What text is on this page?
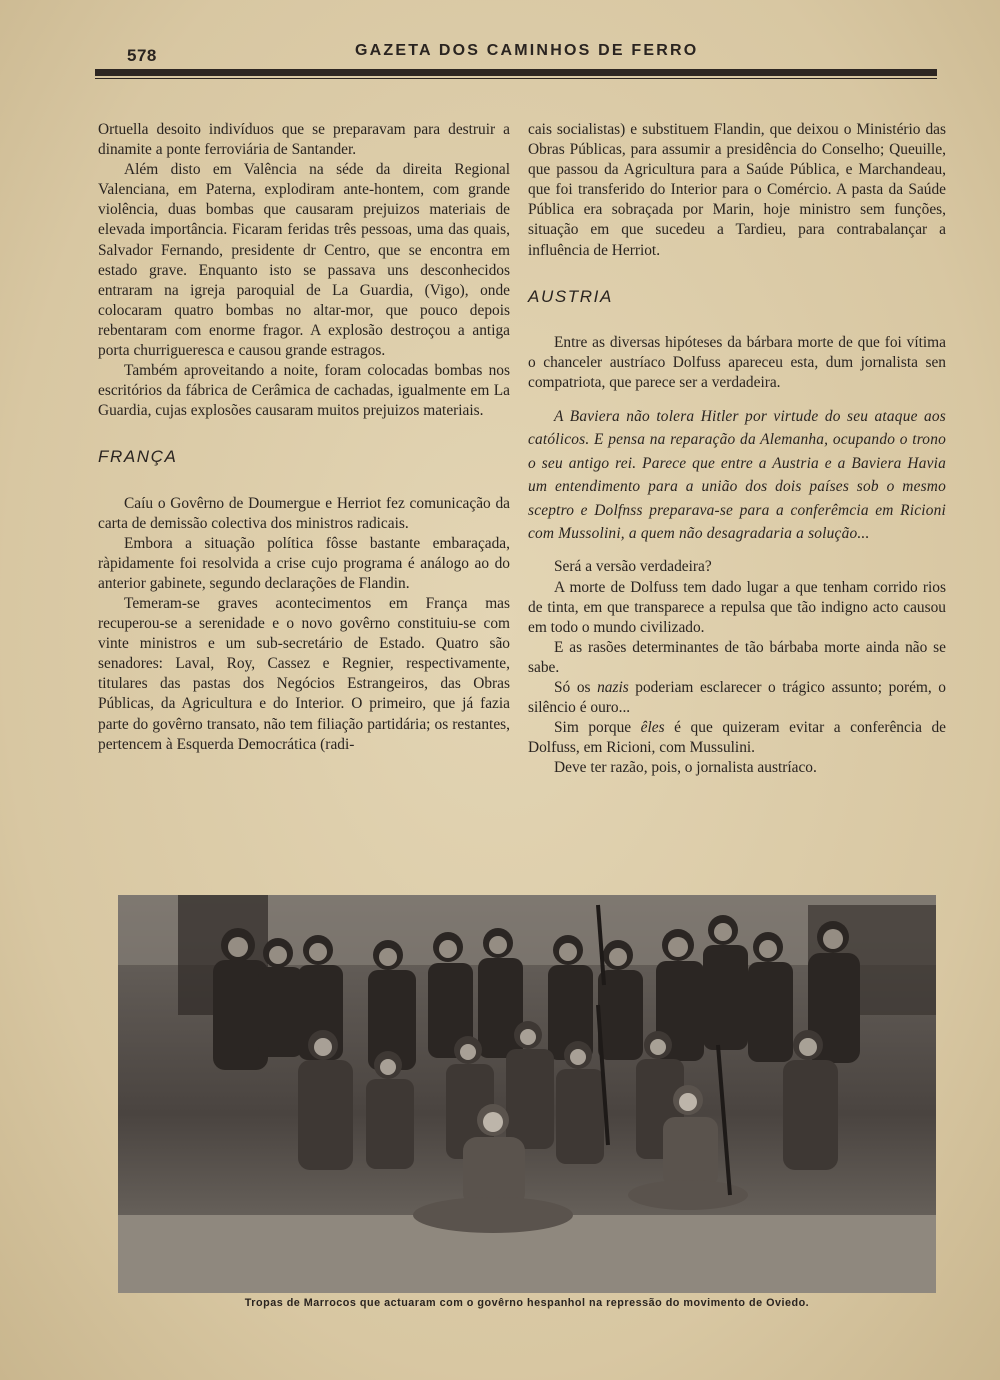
578	GAZETA DOS CAMINHOS DE FERRO

Ortuella desoito indivíduos que se preparavam para destruir a dinamite a ponte ferroviária de Santander.

Além disto em Valência na séde da direita Regional Valenciana, em Paterna, explodiram ante-hontem, com grande violência, duas bombas que causaram prejuizos materiais de elevada importância. Ficaram feridas três pessoas, uma das quais, Salvador Fernando, presidente dr Centro, que se encontra em estado grave. Enquanto isto se passava uns desconhecidos entraram na igreja paroquial de La Guardia, (Vigo), onde colocaram quatro bombas no altar-mor, que pouco depois rebentaram com enorme fragor. A explosão destroçou a antiga porta churrigueresca e causou grande estragos.

Também aproveitando a noite, foram colocadas bombas nos escritórios da fábrica de Cerâmica de cachadas, igualmente em La Guardia, cujas explosões causaram muitos prejuizos materiais.

FRANÇA

Caíu o Govêrno de Doumergue e Herriot fez comunicação da carta de demissão colectiva dos ministros radicais.

Embora a situação política fôsse bastante embaraçada, ràpidamente foi resolvida a crise cujo programa é análogo ao do anterior gabinete, segundo declarações de Flandin.

Temeram-se graves acontecimentos em França mas recuperou-se a serenidade e o novo govêrno constituiu-se com vinte ministros e um sub-secretário de Estado. Quatro são senadores: Laval, Roy, Cassez e Regnier, respectivamente, titulares das pastas dos Negócios Estrangeiros, das Obras Públicas, da Agricultura e do Interior. O primeiro, que já fazia parte do govêrno transato, não tem filiação partidária; os restantes, pertencem à Esquerda Democrática (radi-

cais socialistas) e substituem Flandin, que deixou o Ministério das Obras Públicas, para assumir a presidência do Conselho; Queuille, que passou da Agricultura para a Saúde Pública, e Marchandeau, que foi transferido do Interior para o Comércio. A pasta da Saúde Pública era sobraçada por Marin, hoje ministro sem funções, situação em que sucedeu a Tardieu, para contrabalançar a influência de Herriot.

AUSTRIA

Entre as diversas hipóteses da bárbara morte de que foi vítima o chanceler austríaco Dolfuss apareceu esta, dum jornalista sen compatriota, que parece ser a verdadeira.

A Baviera não tolera Hitler por virtude do seu ataque aos católicos. E pensa na reparação da Alemanha, ocupando o trono o seu antigo rei. Parece que entre a Austria e a Baviera Havia um entendimento para a união dos dois países sob o mesmo sceptro e Dolfnss preparava-se para a conferêmcia em Ricioni com Mussolini, a quem não desagradaria a solução...

Será a versão verdadeira?

A morte de Dolfuss tem dado lugar a que tenham corrido rios de tinta, em que transparece a repulsa que tão indigno acto causou em todo o mundo civilizado.

E as rasões determinantes de tão bárbaba morte ainda não se sabe.

Só os nazis poderiam esclarecer o trágico assunto; porém, o silêncio é ouro...

Sim porque êles é que quizeram evitar a conferência de Dolfuss, em Ricioni, com Mussulini.

Deve ter razão, pois, o jornalista austríaco.

Tropas de Marrocos que actuaram com o govêrno hespanhol na repressão do movimento de Oviedo.
